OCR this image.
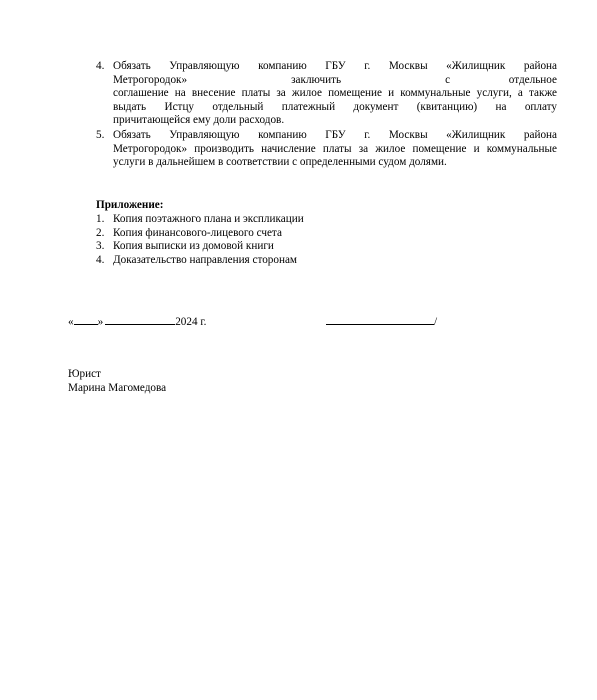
4. Обязать Управляющую компанию ГБУ г. Москвы «Жилищник района
Метрогородок» заключить с	отдельное

соглашение на внесение платы за жилое помещение и коммунальные услуги, а также
выдать Истцу отдельный платежный документ (квитанцию) на оплату
причитающейся ему доли расходов.
5. Обязать Управляющую компанию ГБУ г. Москвы «Жилищник района
Метрогородок» производить начисление платы за жилое помещение и коммунальные
услуги в дальнейшем в соответствии с определенными судом долями.
Приложение:
1. Копия поэтажного плана и экспликации
2. Копия финансового-лицевого счета
3. Копия выписки из домовой книги
4. Доказательство направления сторонам
« »	2024 г.	/
Юрист
Марина Магомедова
